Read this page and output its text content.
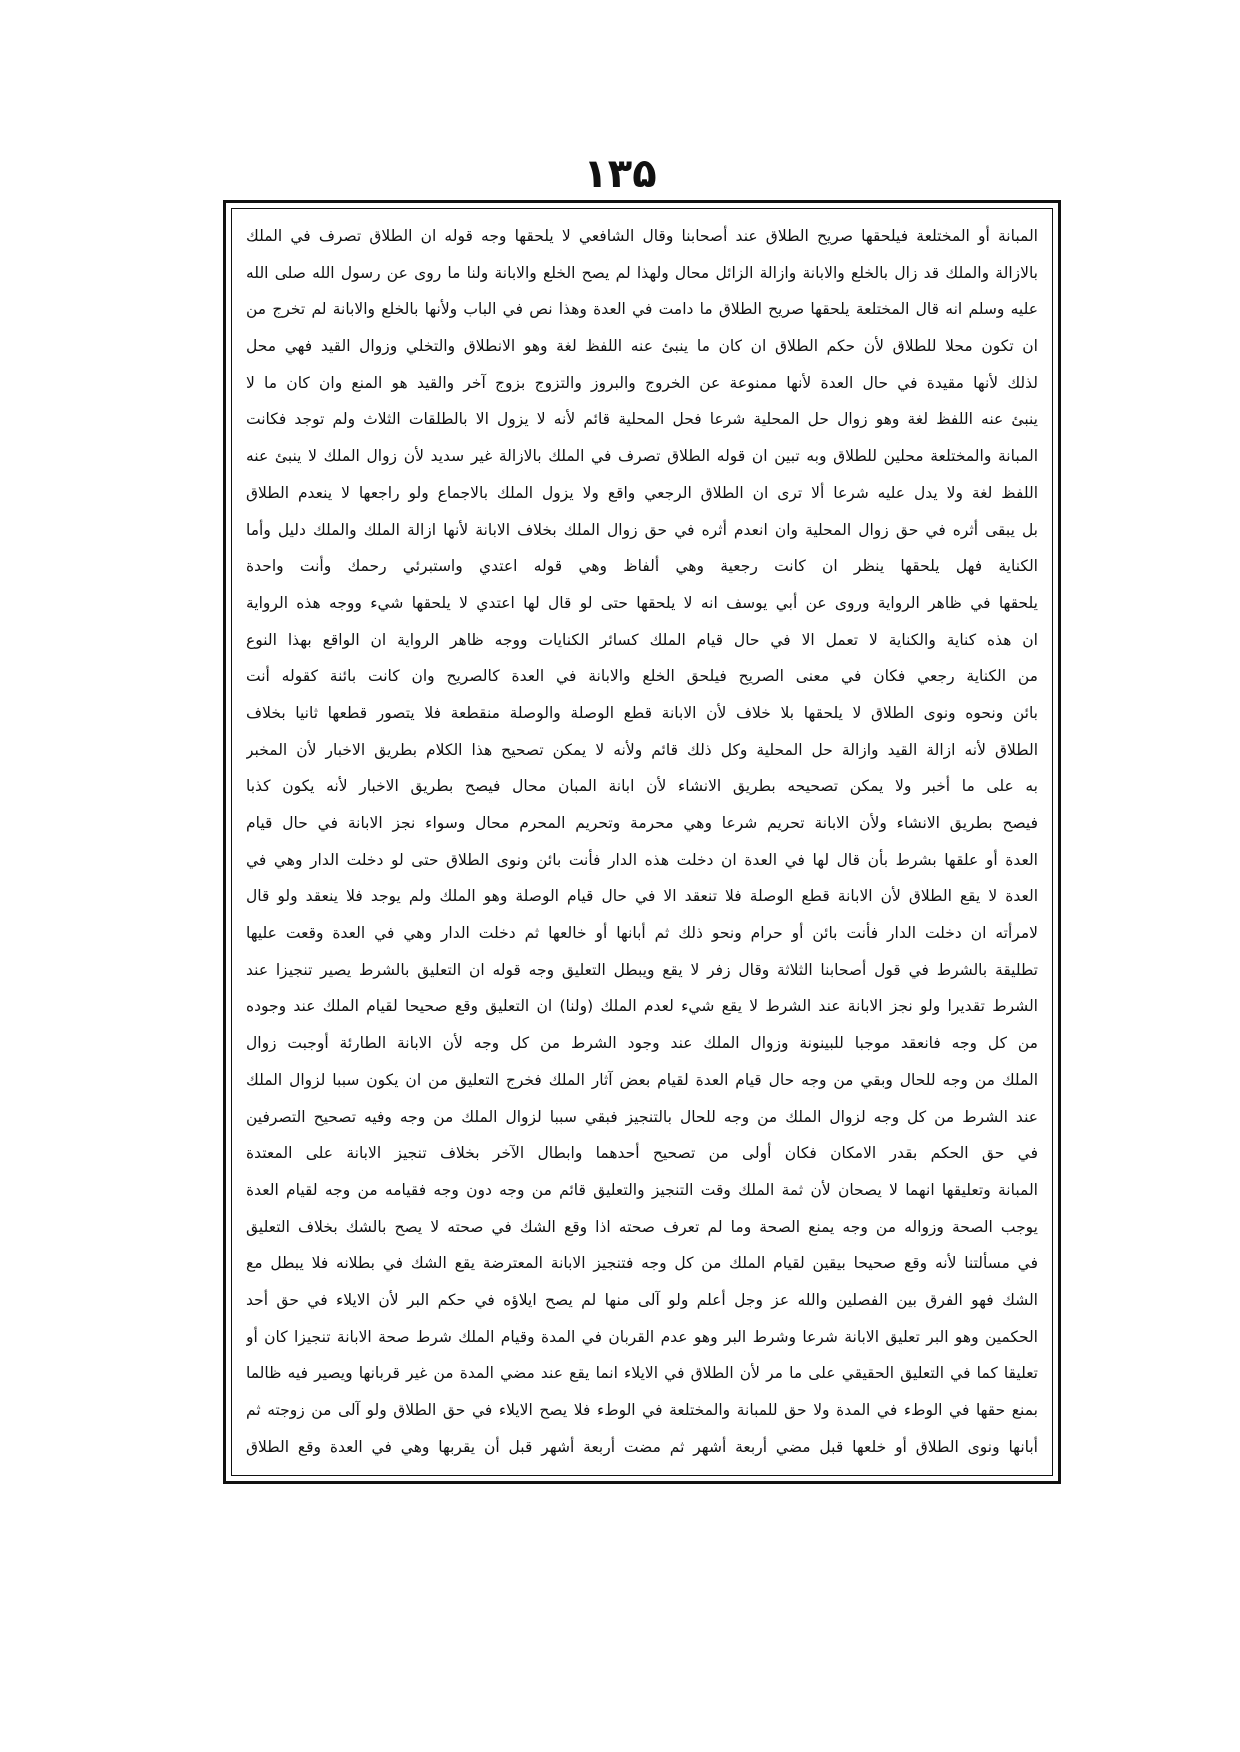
۱۳۵
المبانة أو المختلعة فيلحقها صريح الطلاق عند أصحابنا وقال الشافعي لا يلحقها وجه قوله ان الطلاق تصرف في الملك
بالازالة والملك قد زال بالخلع والابانة وازالة الزائل محال ولهذا لم يصح الخلع والابانة ولنا ما روى عن رسول الله صلى الله
عليه وسلم انه قال المختلعة يلحقها صريح الطلاق ما دامت في العدة وهذا نص في الباب ولأنها بالخلع والابانة لم تخرج من
ان تكون محلا للطلاق لأن حكم الطلاق ان كان ما ينبئ عنه اللفظ لغة وهو الانطلاق والتخلي وزوال القيد فهي محل
لذلك لأنها مقيدة في حال العدة لأنها ممنوعة عن الخروج والبروز والتزوج بزوج آخر والقيد هو المنع وان كان ما لا
ينبئ عنه اللفظ لغة وهو زوال حل المحلية شرعا فحل المحلية قائم لأنه لا يزول الا بالطلقات الثلاث ولم توجد فكانت
المبانة والمختلعة محلين للطلاق وبه تبين ان قوله الطلاق تصرف في الملك بالازالة غير سديد لأن زوال الملك لا ينبئ عنه
اللفظ لغة ولا يدل عليه شرعا ألا ترى ان الطلاق الرجعي واقع ولا يزول الملك بالاجماع ولو راجعها لا ينعدم الطلاق
بل يبقى أثره في حق زوال المحلية وان انعدم أثره في حق زوال الملك بخلاف الابانة لأنها ازالة الملك والملك دليل وأما
الكناية فهل يلحقها ينظر ان كانت رجعية وهي ألفاظ وهي قوله اعتدي واستبرئي رحمك وأنت واحدة
يلحقها في ظاهر الرواية وروى عن أبي يوسف انه لا يلحقها حتى لو قال لها اعتدي لا يلحقها شيء ووجه هذه الرواية
ان هذه كناية والكناية لا تعمل الا في حال قيام الملك كسائر الكنايات ووجه ظاهر الرواية ان الواقع بهذا النوع
من الكناية رجعي فكان في معنى الصريح فيلحق الخلع والابانة في العدة كالصريح وان كانت بائنة كقوله أنت
بائن ونحوه ونوى الطلاق لا يلحقها بلا خلاف لأن الابانة قطع الوصلة والوصلة منقطعة فلا يتصور قطعها ثانيا بخلاف
الطلاق لأنه ازالة القيد وازالة حل المحلية وكل ذلك قائم ولأنه لا يمكن تصحيح هذا الكلام بطريق الاخبار لأن المخبر
به على ما أخبر ولا يمكن تصحيحه بطريق الانشاء لأن ابانة المبان محال فيصح بطريق الاخبار لأنه يكون كذبا
فيصح بطريق الانشاء ولأن الابانة تحريم شرعا وهي محرمة وتحريم المحرم محال وسواء نجز الابانة في حال قيام
العدة أو علقها بشرط بأن قال لها في العدة ان دخلت هذه الدار فأنت بائن ونوى الطلاق حتى لو دخلت الدار وهي في
العدة لا يقع الطلاق لأن الابانة قطع الوصلة فلا تنعقد الا في حال قيام الوصلة وهو الملك ولم يوجد فلا ينعقد ولو قال
لامرأته ان دخلت الدار فأنت بائن أو حرام ونحو ذلك ثم أبانها أو خالعها ثم دخلت الدار وهي في العدة وقعت عليها
تطليقة بالشرط في قول أصحابنا الثلاثة وقال زفر لا يقع ويبطل التعليق وجه قوله ان التعليق بالشرط يصير تنجيزا عند
الشرط تقديرا ولو نجز الابانة عند الشرط لا يقع شيء لعدم الملك (ولنا) ان التعليق وقع صحيحا لقيام الملك عند وجوده
من كل وجه فانعقد موجبا للبينونة وزوال الملك عند وجود الشرط من كل وجه لأن الابانة الطارئة أوجبت زوال
الملك من وجه للحال وبقي من وجه حال قيام العدة لقيام بعض آثار الملك فخرج التعليق من ان يكون سببا لزوال الملك
عند الشرط من كل وجه لزوال الملك من وجه للحال بالتنجيز فبقي سببا لزوال الملك من وجه وفيه تصحيح التصرفين
في حق الحكم بقدر الامكان فكان أولى من تصحيح أحدهما وابطال الآخر بخلاف تنجيز الابانة على المعتدة
المبانة وتعليقها انهما لا يصحان لأن ثمة الملك وقت التنجيز والتعليق قائم من وجه دون وجه فقيامه من وجه لقيام العدة
يوجب الصحة وزواله من وجه يمنع الصحة وما لم تعرف صحته اذا وقع الشك في صحته لا يصح بالشك بخلاف التعليق
في مسألتنا لأنه وقع صحيحا بيقين لقيام الملك من كل وجه فتنجيز الابانة المعترضة يقع الشك في بطلانه فلا يبطل مع
الشك فهو الفرق بين الفصلين والله عز وجل أعلم ولو آلى منها لم يصح ايلاؤه في حكم البر لأن الايلاء في حق أحد
الحكمين وهو البر تعليق الابانة شرعا وشرط البر وهو عدم القربان في المدة وقيام الملك شرط صحة الابانة تنجيزا كان أو
تعليقا كما في التعليق الحقيقي على ما مر لأن الطلاق في الايلاء انما يقع عند مضي المدة من غير قربانها ويصير فيه ظالما
بمنع حقها في الوطء في المدة ولا حق للمبانة والمختلعة في الوطء فلا يصح الايلاء في حق الطلاق ولو آلى من زوجته ثم
أبانها ونوى الطلاق أو خلعها قبل مضي أربعة أشهر ثم مضت أربعة أشهر قبل أن يقربها وهي في العدة وقع الطلاق
